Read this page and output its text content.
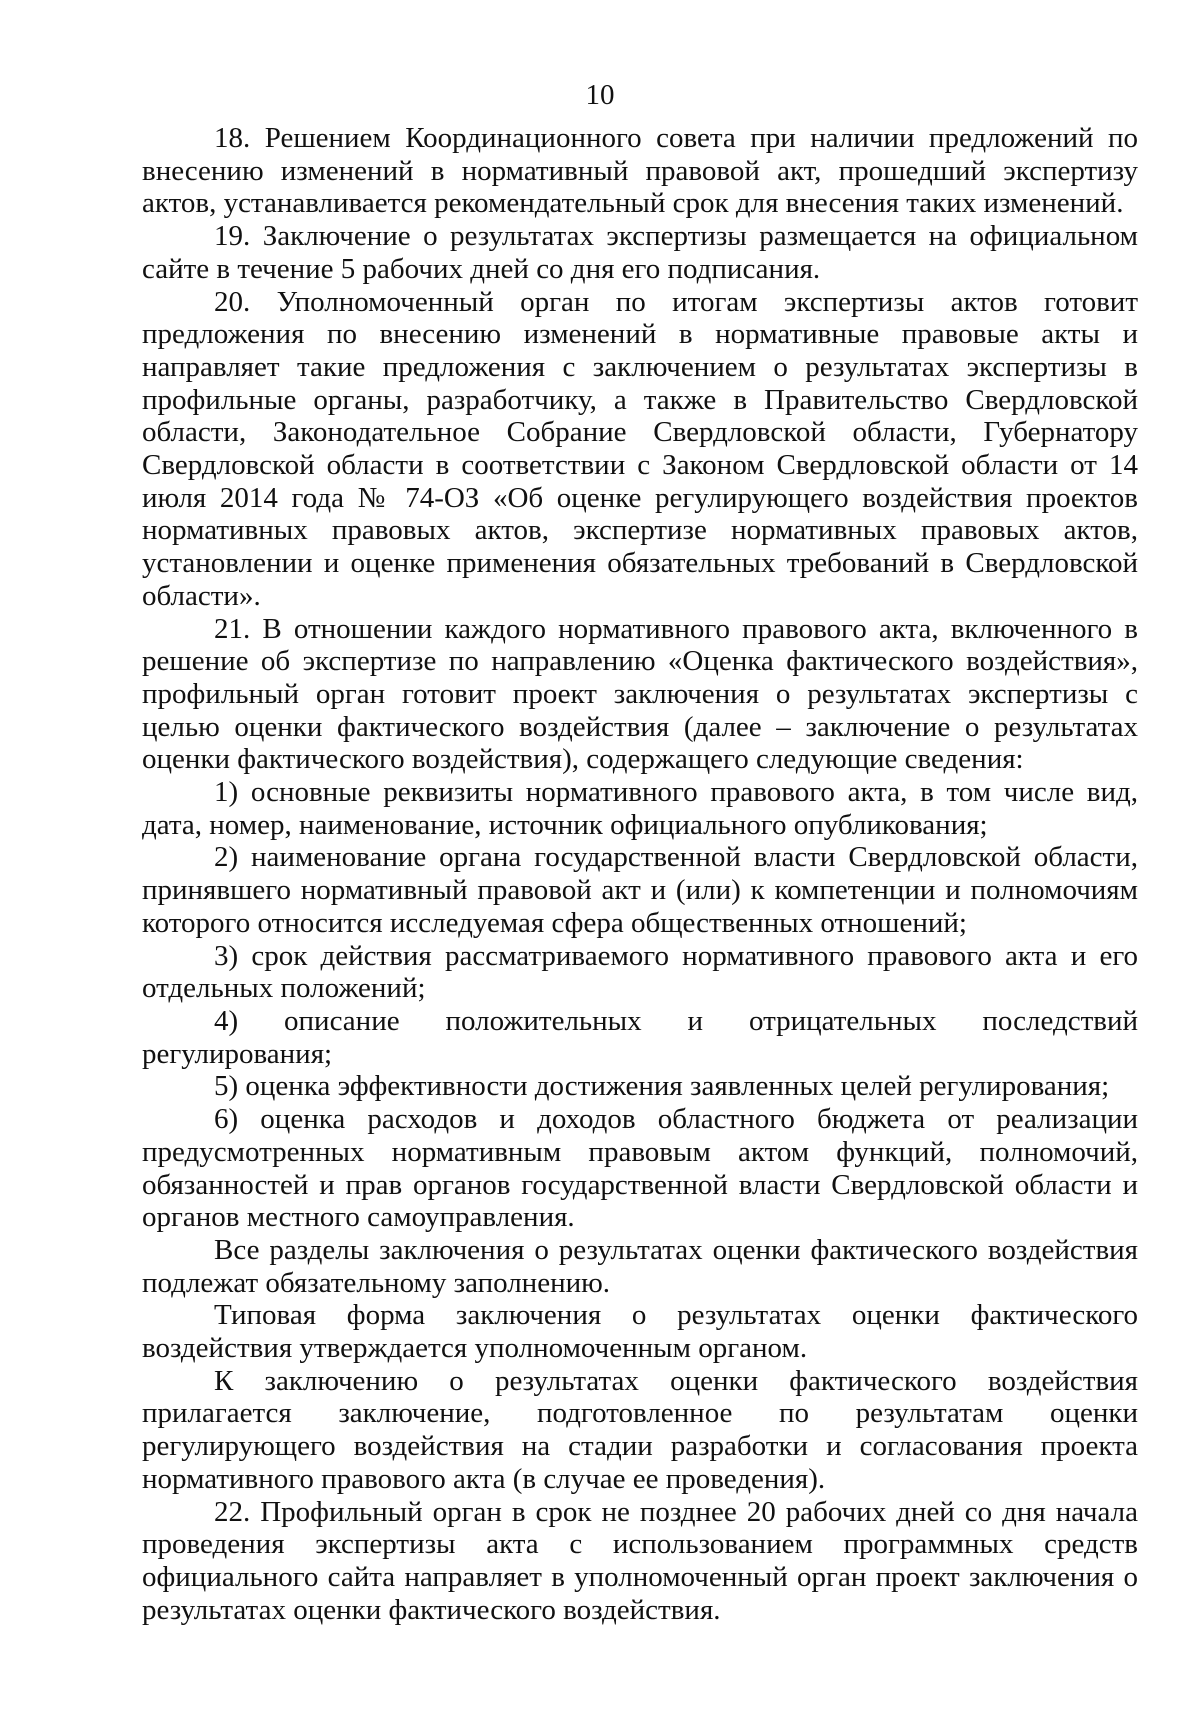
10

18. Решением Координационного совета при наличии предложений по внесению изменений в нормативный правовой акт, прошедший экспертизу актов, устанавливается рекомендательный срок для внесения таких изменений.

19. Заключение о результатах экспертизы размещается на официальном сайте в течение 5 рабочих дней со дня его подписания.

20. Уполномоченный орган по итогам экспертизы актов готовит предложения по внесению изменений в нормативные правовые акты и направляет такие предложения с заключением о результатах экспертизы в профильные органы, разработчику, а также в Правительство Свердловской области, Законодательное Собрание Свердловской области, Губернатору Свердловской области в соответствии с Законом Свердловской области от 14 июля 2014 года № 74-ОЗ «Об оценке регулирующего воздействия проектов нормативных правовых актов, экспертизе нормативных правовых актов, установлении и оценке применения обязательных требований в Свердловской области».

21. В отношении каждого нормативного правового акта, включенного в решение об экспертизе по направлению «Оценка фактического воздействия», профильный орган готовит проект заключения о результатах экспертизы с целью оценки фактического воздействия (далее – заключение о результатах оценки фактического воздействия), содержащего следующие сведения:

1) основные реквизиты нормативного правового акта, в том числе вид, дата, номер, наименование, источник официального опубликования;

2) наименование органа государственной власти Свердловской области, принявшего нормативный правовой акт и (или) к компетенции и полномочиям которого относится исследуемая сфера общественных отношений;

3) срок действия рассматриваемого нормативного правового акта и его отдельных положений;

4) описание положительных и отрицательных последствий регулирования;

5) оценка эффективности достижения заявленных целей регулирования;

6) оценка расходов и доходов областного бюджета от реализации предусмотренных нормативным правовым актом функций, полномочий, обязанностей и прав органов государственной власти Свердловской области и органов местного самоуправления.

Все разделы заключения о результатах оценки фактического воздействия подлежат обязательному заполнению.

Типовая форма заключения о результатах оценки фактического воздействия утверждается уполномоченным органом.

К заключению о результатах оценки фактического воздействия прилагается заключение, подготовленное по результатам оценки регулирующего воздействия на стадии разработки и согласования проекта нормативного правового акта (в случае ее проведения).

22. Профильный орган в срок не позднее 20 рабочих дней со дня начала проведения экспертизы акта с использованием программных средств официального сайта направляет в уполномоченный орган проект заключения о результатах оценки фактического воздействия.
